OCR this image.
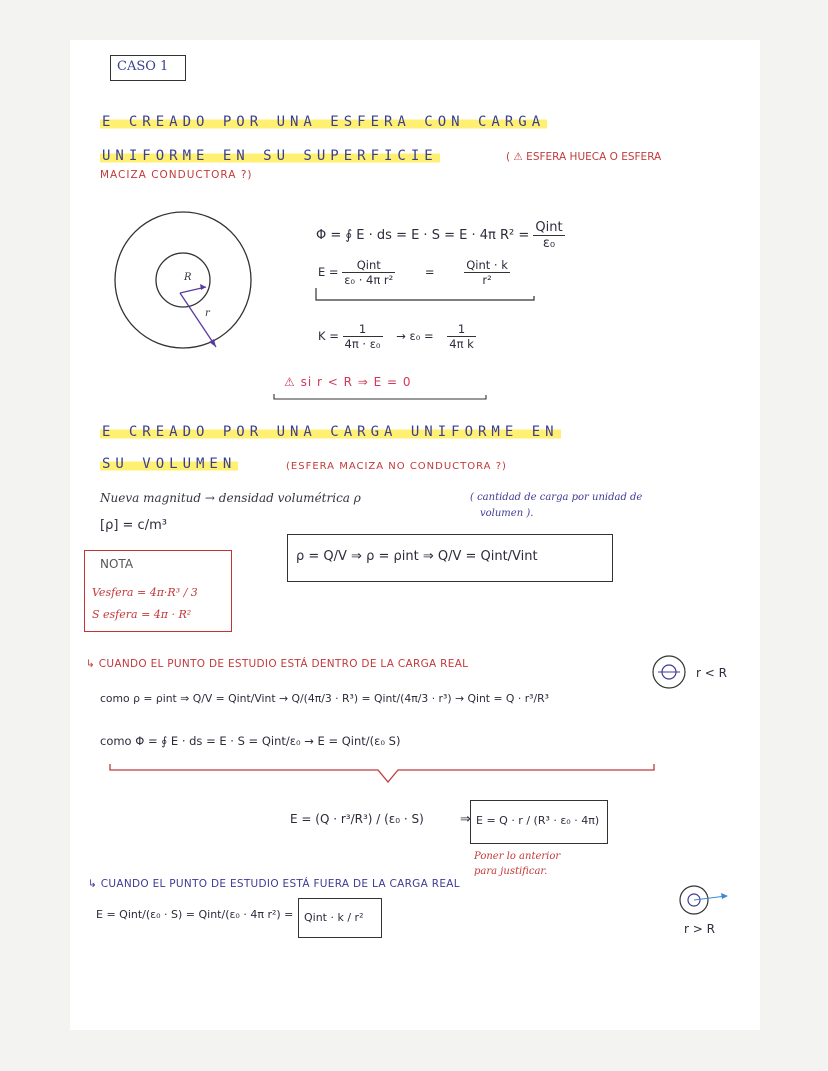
CASO 1
E CREADO POR UNA ESFERA CON CARGA
UNIFORME EN SU SUPERFICIE	( ⚠ ESFERA HUECA O ESFERA
MACIZA CONDUCTORA ?)
R
r
Φ = ∮ E · ds = E · S = E · 4π $R^2 = \frac{\text{Qint}}{\text{ε₀}}$
$E = \frac{\text{Qint}}{\text{ε₀ · 4π r²}}$	=	$\frac{\text{Qint · k}}{\text{r²}}$
$K = \frac{1}{\text{4π · ε₀}} \to \varepsilon_0 = \frac{1}{\text{4π k}}$
⚠ si r < R ⇒ E = 0
E CREADO POR UNA CARGA UNIFORME EN
SU VOLUMEN	(ESFERA MACIZA NO CONDUCTORA ?)
Nueva magnitud → densidad volumétrica ρ	( cantidad de carga por unidad de
volumen ).
[ρ] = c/m³
ρ = Q/V ⇒ ρ = ρint ⇒ Q/V = Qint/Vint
NOTA
Vesfera = 4π·R³ / 3
S esfera = 4π · R²
↳ CUANDO EL PUNTO DE ESTUDIO ESTÁ DENTRO DE LA CARGA REAL
r < R
como ρ = ρint ⇒ Q/V = Qint/Vint → Q/(4π/3 · R³) = Qint/(4π/3 · r³) → Qint = Q · r³/R³
como Φ = ∮ E · ds = E · S = Qint/ε₀ → E = Qint/(ε₀ S)
E = (Q · r³/R³) / (ε₀ · S)	⇒ E = Q · r / (R³ · ε₀ · 4π)
Poner lo anterior
para justificar.
↳ CUANDO EL PUNTO DE ESTUDIO ESTÁ FUERA DE LA CARGA REAL
r > R
E = Qint/(ε₀ · S) = Qint/(ε₀ · 4π r²) = Qint · k / r²
